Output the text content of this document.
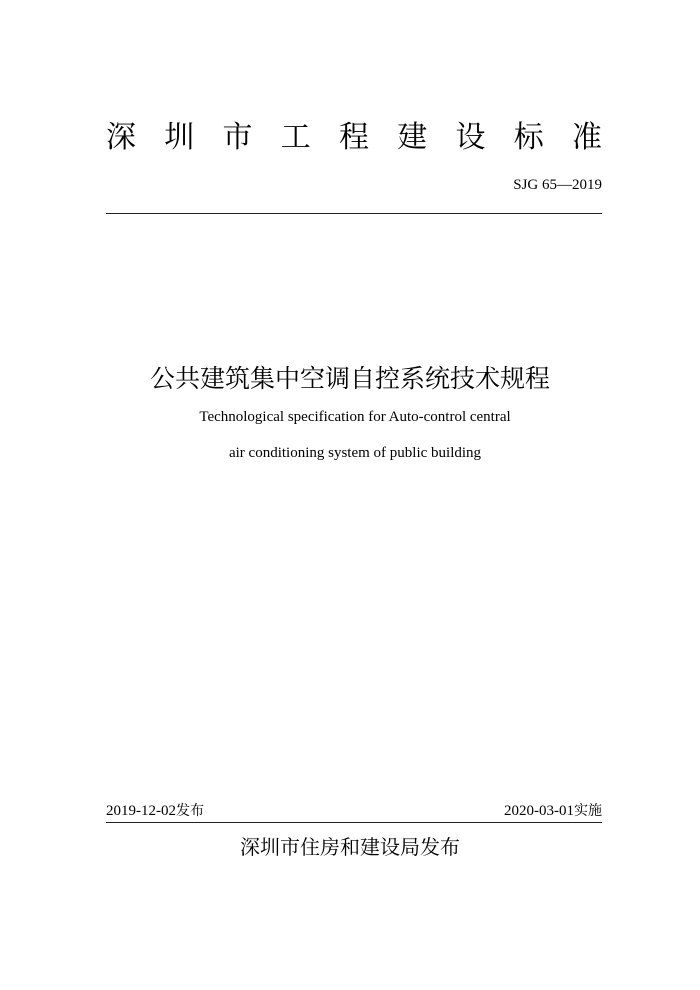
深 圳 市 工 程 建 设 标 准
SJG 65—2019
公共建筑集中空调自控系统技术规程
Technological specification for Auto-control central
air conditioning system of public building
2019-12-02发布	2020-03-01实施
深圳市住房和建设局发布
